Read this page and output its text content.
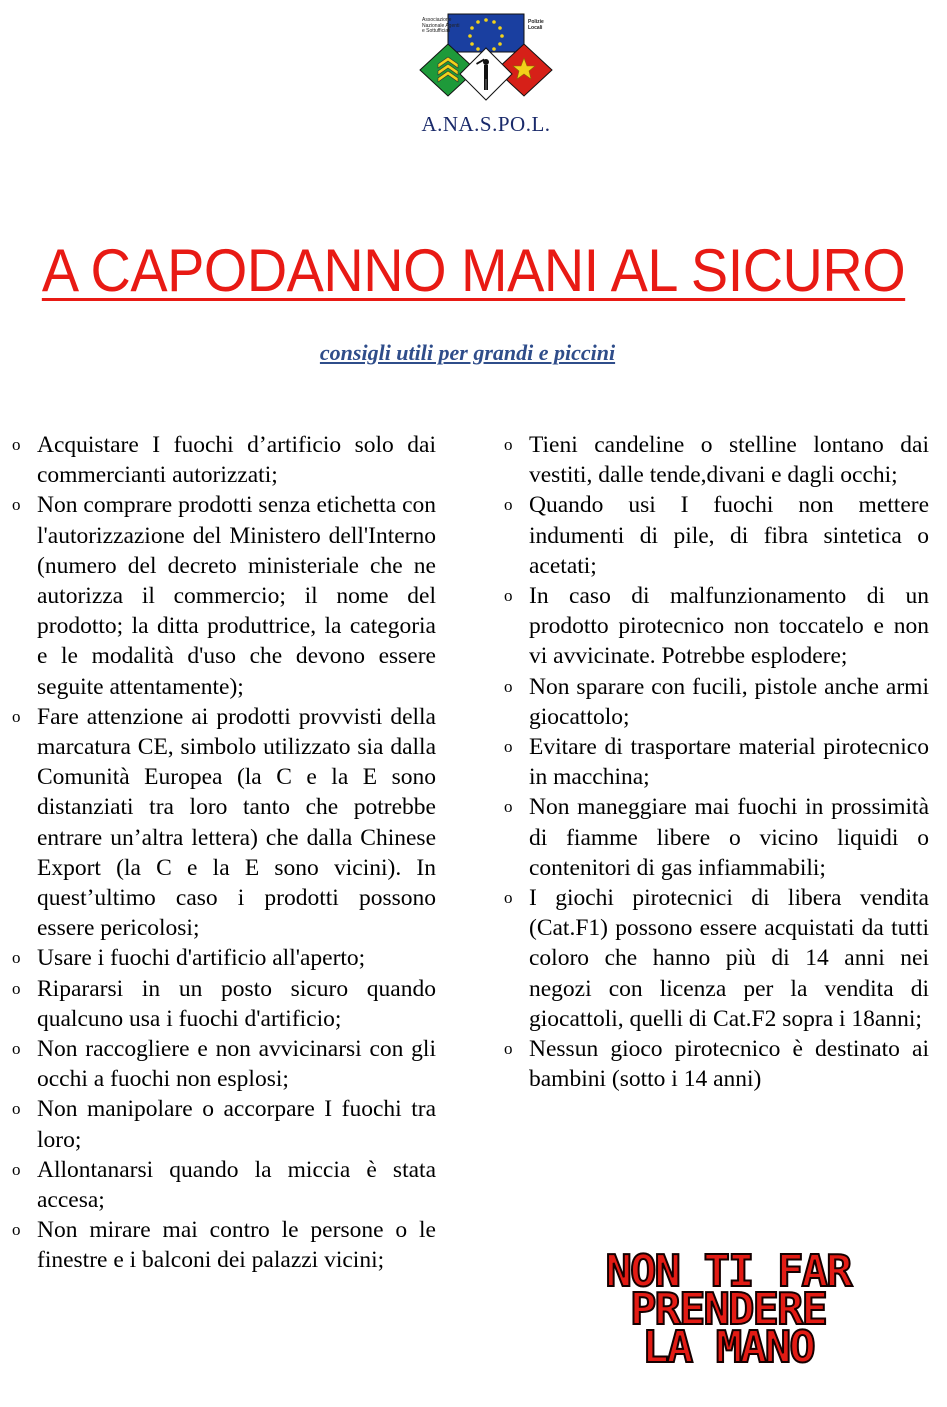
Associazione Nazionale Agenti e Sottufficiali
Polizie Locali
A.NA.S.PO.L.
A CAPODANNO MANI AL SICURO
consigli utili per grandi e piccini
o Acquistare I fuochi d’artificio solo dai commercianti autorizzati;
o Non comprare prodotti senza etichetta con l'autorizzazione del Ministero dell'Interno (numero del decreto ministeriale che ne autorizza il commercio; il nome del prodotto; la ditta produttrice, la categoria e le modalità d'uso che devono essere seguite attentamente);
o Fare attenzione ai prodotti provvisti della marcatura CE, simbolo utilizzato sia dalla Comunità Europea (la C e la E sono distanziati tra loro tanto che potrebbe entrare un’altra lettera) che dalla Chinese Export (la C e la E sono vicini). In quest’ultimo caso i prodotti possono essere pericolosi;
o Usare i fuochi d'artificio all'aperto;
o Ripararsi in un posto sicuro quando qualcuno usa i fuochi d'artificio;
o Non raccogliere e non avvicinarsi con gli occhi a fuochi non esplosi;
o Non manipolare o accorpare I fuochi tra loro;
o Allontanarsi quando la miccia è stata accesa;
o Non mirare mai contro le persone o le finestre e i balconi dei palazzi vicini;
o Tieni candeline o stelline lontano dai vestiti, dalle tende,divani e dagli occhi;
o Quando usi I fuochi non mettere indumenti di pile, di fibra sintetica o acetati;
o In caso di malfunzionamento di un prodotto pirotecnico non toccatelo e non vi avvicinate. Potrebbe esplodere;
o Non sparare con fucili, pistole anche armi giocattolo;
o Evitare di trasportare material pirotecnico in macchina;
o Non maneggiare mai fuochi in prossimità di fiamme libere o vicino liquidi o contenitori di gas infiammabili;
o I giochi pirotecnici di libera vendita (Cat.F1) possono essere acquistati da tutti coloro che hanno più di 14 anni nei negozi con licenza per la vendita di giocattoli, quelli di Cat.F2 sopra i 18anni;
o Nessun gioco pirotecnico è destinato ai bambini (sotto i 14 anni)
NON TI FAR
PRENDERE
LA MANO
